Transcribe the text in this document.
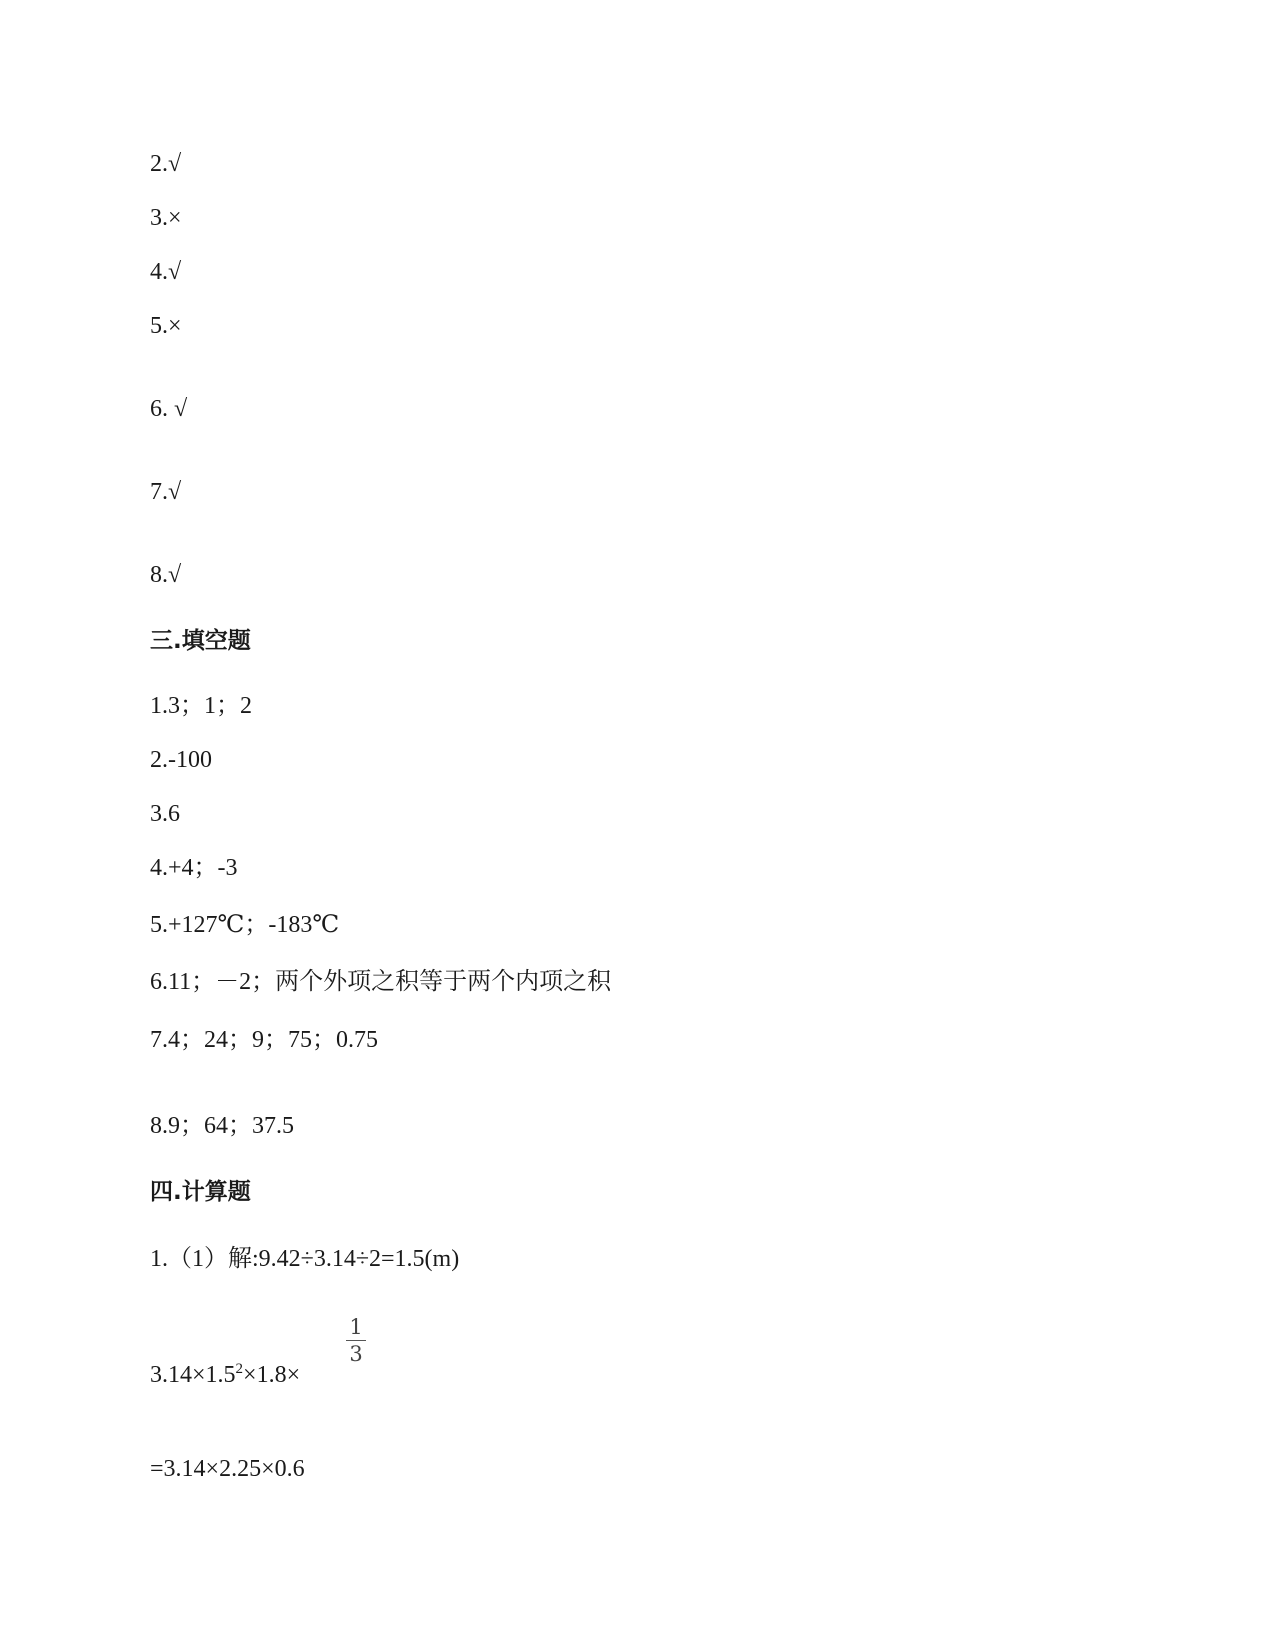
2.√
3.×
4.√
5.×
6. √
7.√
8.√
三.填空题
1.3；1；2
2.-100
3.6
4.+4；-3
5.+127℃；-183℃
6.11；－2；两个外项之积等于两个内项之积
7.4；24；9；75；0.75
8.9；64；37.5
四.计算题
1.（1）解:9.42÷3.14÷2=1.5(m)
$3.14\times 1.5^2\times 1.8\times$
1
3
=3.14×2.25×0.6
